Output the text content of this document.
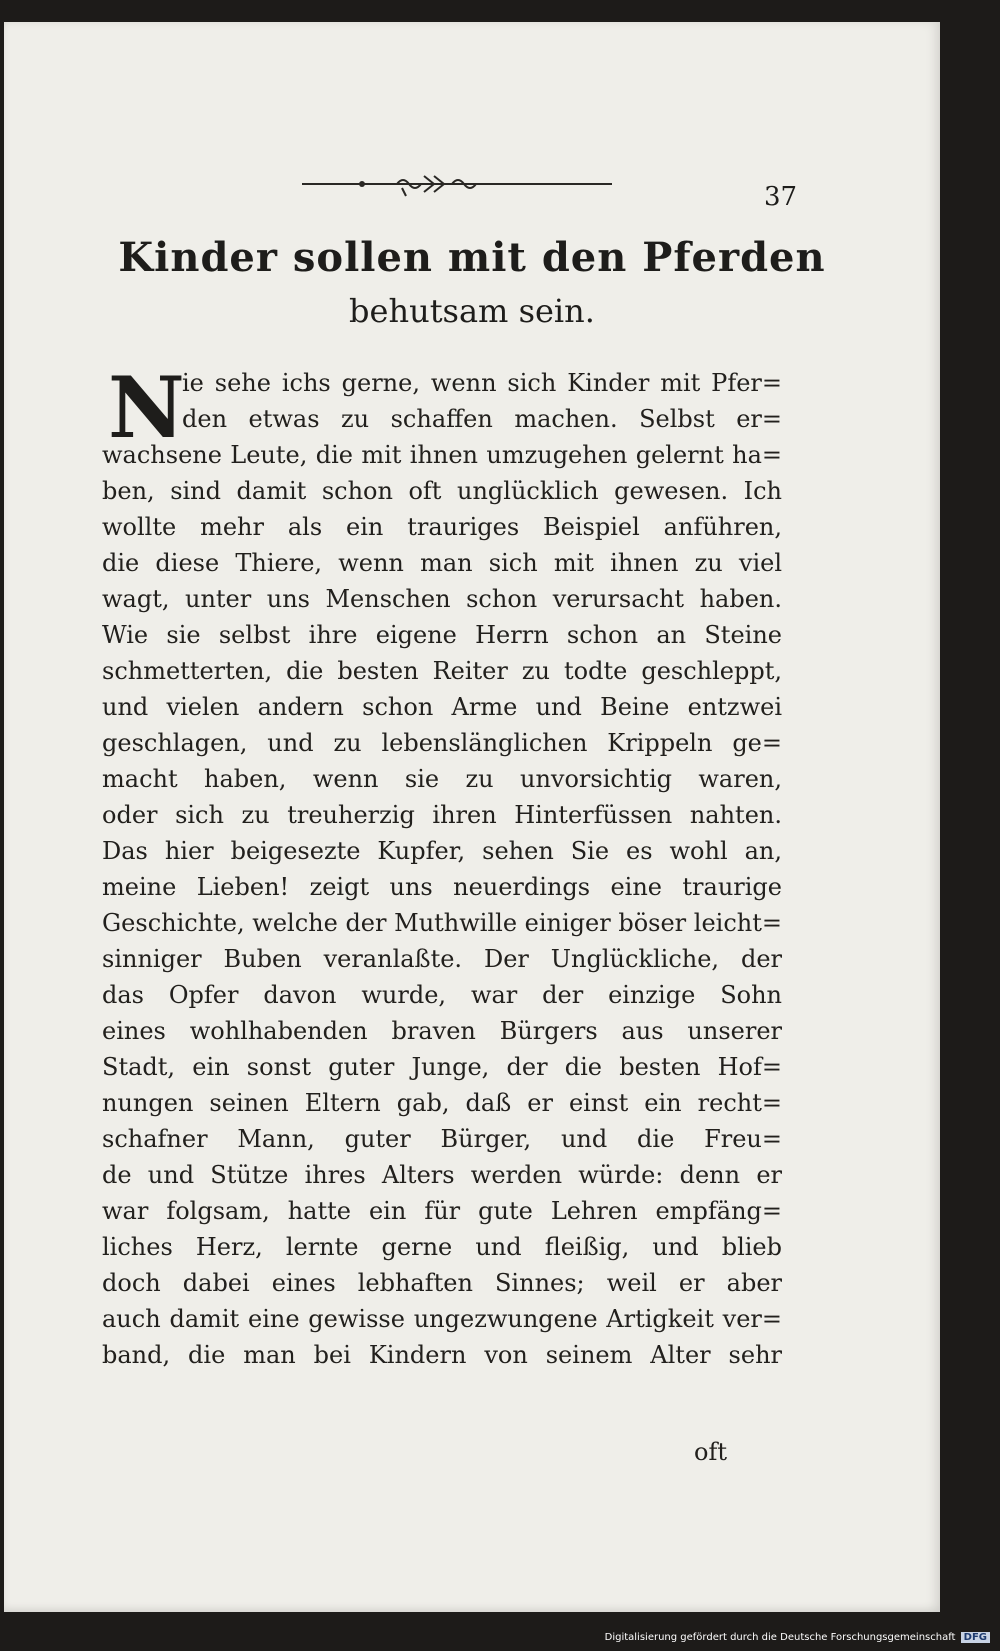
37
Kinder sollen mit den Pferden
behutsam sein.
N
ie sehe ichs gerne, wenn sich Kinder mit Pfer=
den etwas zu schaffen machen. Selbst er=
wachsene Leute, die mit ihnen umzugehen gelernt ha=
ben, sind damit schon oft unglücklich gewesen. Ich
wollte mehr als ein trauriges Beispiel anführen,
die diese Thiere, wenn man sich mit ihnen zu viel
wagt, unter uns Menschen schon verursacht haben.
Wie sie selbst ihre eigene Herrn schon an Steine
schmetterten, die besten Reiter zu todte geschleppt,
und vielen andern schon Arme und Beine entzwei
geschlagen, und zu lebenslänglichen Krippeln ge=
macht haben, wenn sie zu unvorsichtig waren,
oder sich zu treuherzig ihren Hinterfüssen nahten.
Das hier beigesezte Kupfer, sehen Sie es wohl an,
meine Lieben! zeigt uns neuerdings eine traurige
Geschichte, welche der Muthwille einiger böser leicht=
sinniger Buben veranlaßte. Der Unglückliche, der
das Opfer davon wurde, war der einzige Sohn
eines wohlhabenden braven Bürgers aus unserer
Stadt, ein sonst guter Junge, der die besten Hof=
nungen seinen Eltern gab, daß er einst ein recht=
schafner Mann, guter Bürger, und die Freu=
de und Stütze ihres Alters werden würde: denn er
war folgsam, hatte ein für gute Lehren empfäng=
liches Herz, lernte gerne und fleißig, und blieb
doch dabei eines lebhaften Sinnes; weil er aber
auch damit eine gewisse ungezwungene Artigkeit ver=
band, die man bei Kindern von seinem Alter sehr
oft
Digitalisierung gefördert durch die Deutsche Forschungsgemeinschaft DFG
